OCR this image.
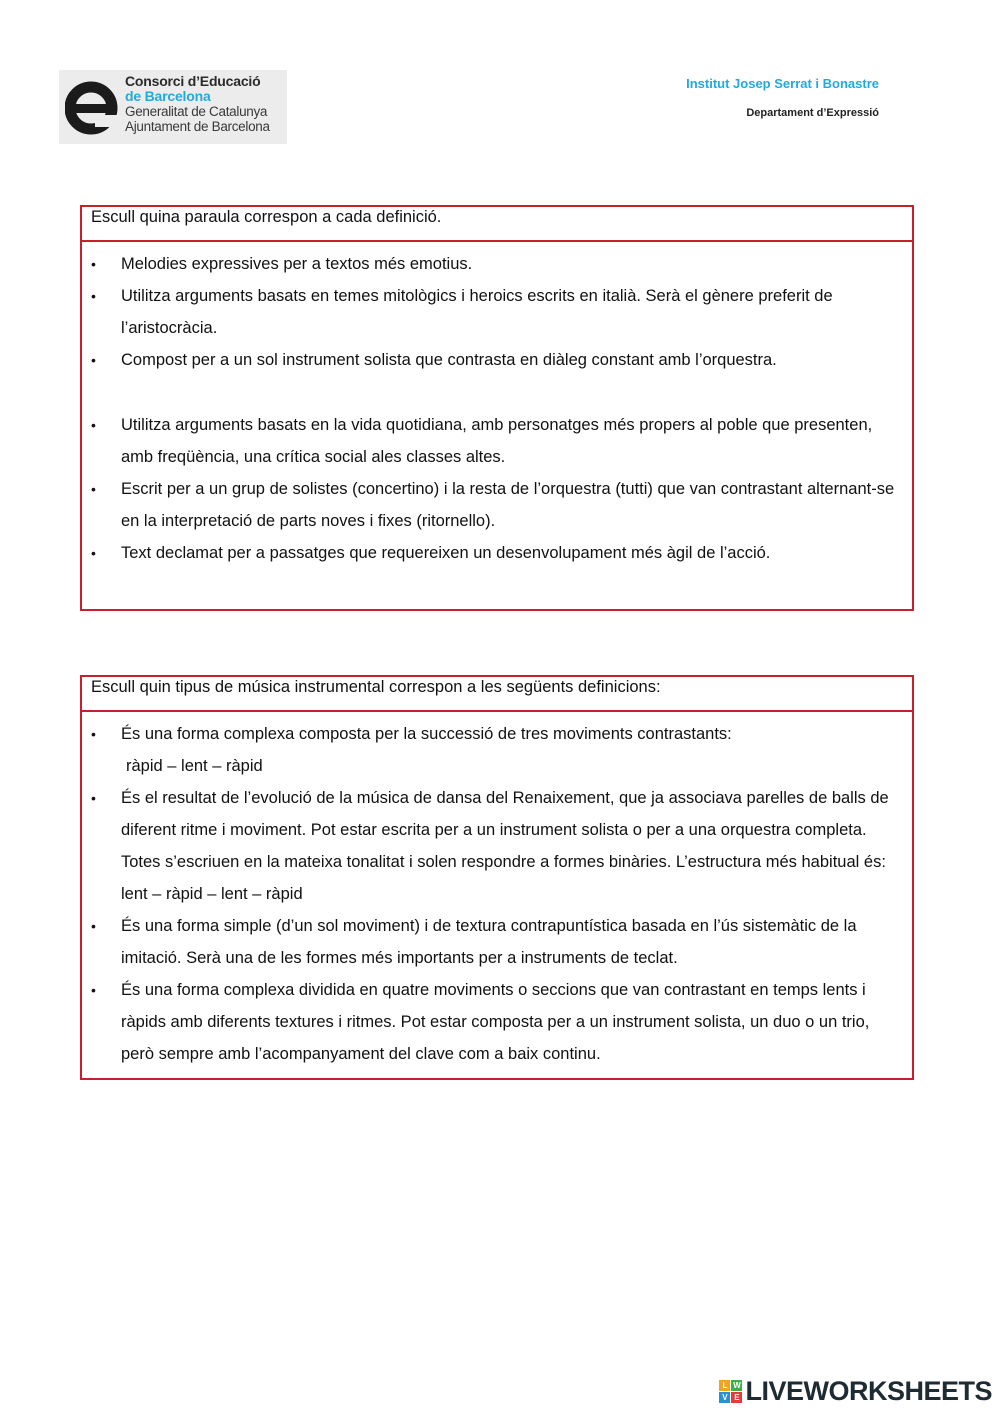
Consorci d’Educació
de Barcelona
Generalitat de Catalunya
Ajuntament de Barcelona
Institut Josep Serrat i Bonastre
Departament d’Expressió
Escull quina paraula correspon a cada definició.
• Melodies expressives per a textos més emotius.
• Utilitza arguments basats en temes mitològics i heroics escrits en italià. Serà el gènere preferit de l’aristocràcia.
• Compost per a un sol instrument solista que contrasta en diàleg constant amb l’orquestra.
• Utilitza arguments basats en la vida quotidiana, amb personatges més propers al poble que presenten, amb freqüència, una crítica social ales classes altes.
• Escrit per a un grup de solistes (concertino) i la resta de l’orquestra (tutti) que van contrastant alternant-se en la interpretació de parts noves i fixes (ritornello).
• Text declamat per a passatges que requereixen un desenvolupament més àgil de l’acció.
Escull quin tipus de música instrumental correspon a les següents definicions:
• És una forma complexa composta per la successió de tres moviments contrastants:
ràpid – lent – ràpid
• És el resultat de l’evolució de la música de dansa del Renaixement, que ja associava parelles de balls de diferent ritme i moviment. Pot estar escrita per a un instrument solista o per a una orquestra completa. Totes s’escriuen en la mateixa tonalitat i solen respondre a formes binàries. L’estructura més habitual és: lent – ràpid – lent – ràpid
• És una forma simple (d’un sol moviment) i de textura contrapuntística basada en l’ús sistemàtic de la imitació. Serà una de les formes més importants per a instruments de teclat.
• És una forma complexa dividida en quatre moviments o seccions que van contrastant en temps lents i ràpids amb diferents textures i ritmes. Pot estar composta per a un instrument solista, un duo o un trio, però sempre amb l’acompanyament del clave com a baix continu.
L W
V E LIVEWORKSHEETS
